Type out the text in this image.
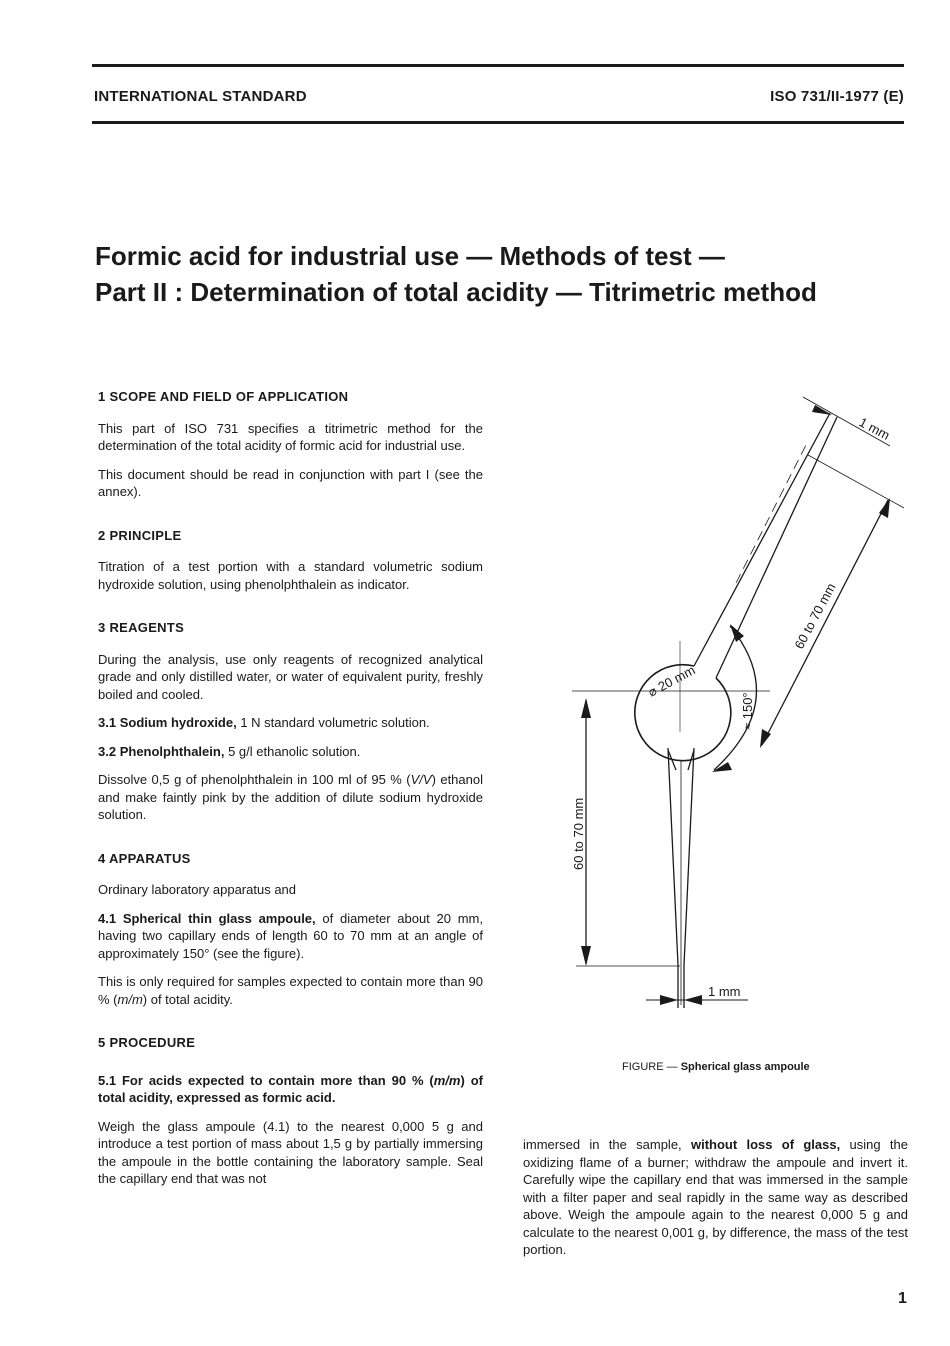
INTERNATIONAL STANDARD	ISO 731/II-1977 (E)
Formic acid for industrial use — Methods of test —
Part II : Determination of total acidity — Titrimetric method
1 SCOPE AND FIELD OF APPLICATION

This part of ISO 731 specifies a titrimetric method for the determination of the total acidity of formic acid for industrial use.

This document should be read in conjunction with part I (see the annex).

2 PRINCIPLE

Titration of a test portion with a standard volumetric sodium hydroxide solution, using phenolphthalein as indicator.

3 REAGENTS

During the analysis, use only reagents of recognized analytical grade and only distilled water, or water of equivalent purity, freshly boiled and cooled.

3.1 Sodium hydroxide, 1 N standard volumetric solution.

3.2 Phenolphthalein, 5 g/l ethanolic solution.

Dissolve 0,5 g of phenolphthalein in 100 ml of 95 % (V/V) ethanol and make faintly pink by the addition of dilute sodium hydroxide solution.

4 APPARATUS

Ordinary laboratory apparatus and

4.1 Spherical thin glass ampoule, of diameter about 20 mm, having two capillary ends of length 60 to 70 mm at an angle of approximately 150° (see the figure).

This is only required for samples expected to contain more than 90 % (m/m) of total acidity.

5 PROCEDURE

5.1 For acids expected to contain more than 90 % (m/m) of total acidity, expressed as formic acid.

Weigh the glass ampoule (4.1) to the nearest 0,000 5 g and introduce a test portion of mass about 1,5 g by partially immersing the ampoule in the bottle containing the laboratory sample. Seal the capillary end that was not

immersed in the sample, without loss of glass, using the oxidizing flame of a burner; withdraw the ampoule and invert it. Carefully wipe the capillary end that was immersed in the sample with a filter paper and seal rapidly in the same way as described above. Weigh the ampoule again to the nearest 0,000 5 g and calculate to the nearest 0,001 g, by difference, the mass of the test portion.

1 mm
60 to 70 mm
⌀ 20 mm
≈ 150°
60 to 70 mm
1 mm
FIGURE — Spherical glass ampoule
1
